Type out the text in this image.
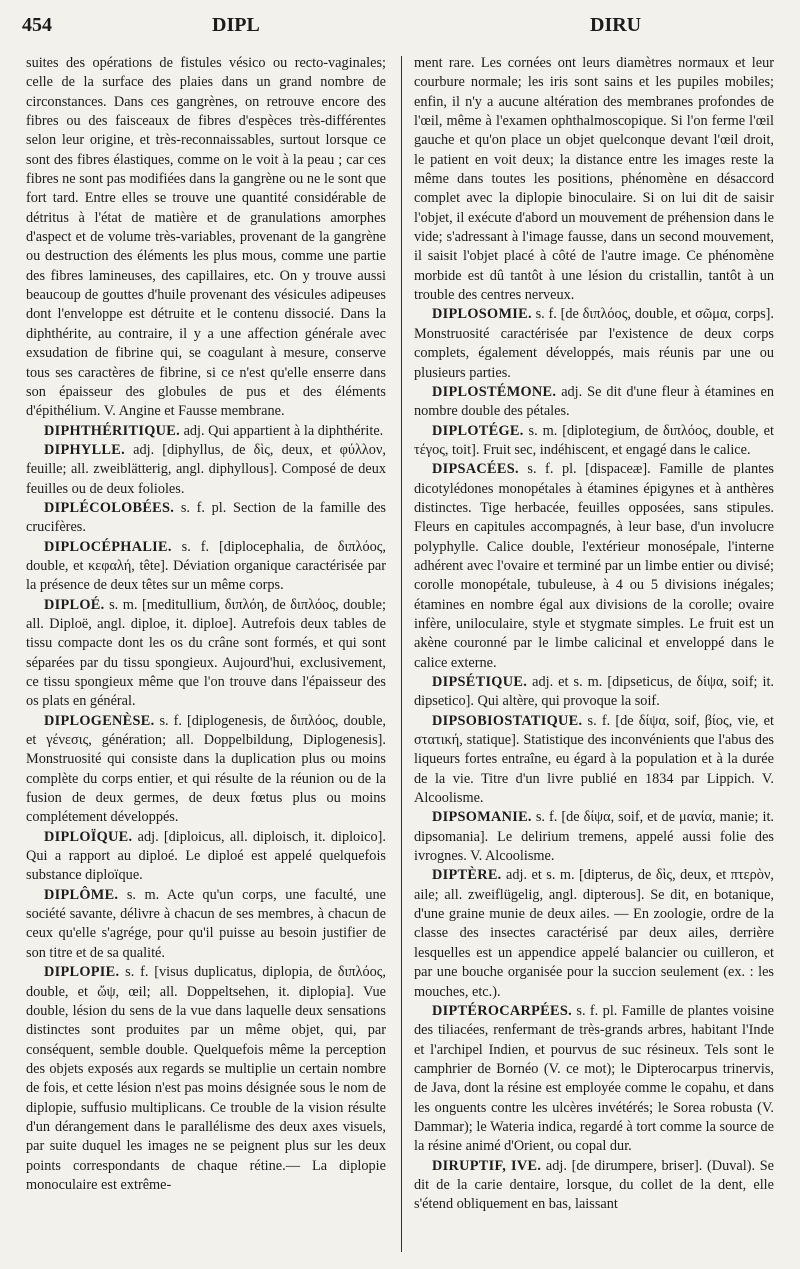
454	DIPL	DIRU

suites des opérations de fistules vésico ou recto-vaginales; celle de la surface des plaies dans un grand nombre de circonstances. Dans ces gangrènes, on retrouve encore des fibres ou des faisceaux de fibres d'espèces très-différentes selon leur origine, et très-reconnaissables, surtout lorsque ce sont des fibres élastiques, comme on le voit à la peau ; car ces fibres ne sont pas modifiées dans la gangrène ou ne le sont que fort tard. Entre elles se trouve une quantité considérable de détritus à l'état de matière et de granulations amorphes d'aspect et de volume très-variables, provenant de la gangrène ou destruction des éléments les plus mous, comme une partie des fibres lamineuses, des capillaires, etc. On y trouve aussi beaucoup de gouttes d'huile provenant des vésicules adipeuses dont l'enveloppe est détruite et le contenu dissocié. Dans la diphthérite, au contraire, il y a une affection générale avec exsudation de fibrine qui, se coagulant à mesure, conserve tous ses caractères de fibrine, si ce n'est qu'elle enserre dans son épaisseur des globules de pus et des éléments d'épithélium. V. Angine et Fausse membrane.

DIPHTHÉRITIQUE. adj. Qui appartient à la diphthérite.

DIPHYLLE. adj. [diphyllus, de δὶς, deux, et φύλλον, feuille; all. zweiblätterig, angl. diphyllous]. Composé de deux feuilles ou de deux folioles.

DIPLÉCOLOBÉES. s. f. pl. Section de la famille des crucifères.

DIPLOCÉPHALIE. s. f. [diplocephalia, de διπλόος, double, et κεφαλή, tête]. Déviation organique caractérisée par la présence de deux têtes sur un même corps.

DIPLOÉ. s. m. [meditullium, διπλόη, de διπλόος, double; all. Diploë, angl. diploe, it. diploe]. Autrefois deux tables de tissu compacte dont les os du crâne sont formés, et qui sont séparées par du tissu spongieux. Aujourd'hui, exclusivement, ce tissu spongieux même que l'on trouve dans l'épaisseur des os plats en général.

DIPLOGENÈSE. s. f. [diplogenesis, de διπλόος, double, et γένεσις, génération; all. Doppelbildung, Diplogenesis]. Monstruosité qui consiste dans la duplication plus ou moins complète du corps entier, et qui résulte de la réunion ou de la fusion de deux germes, de deux fœtus plus ou moins complétement développés.

DIPLOÏQUE. adj. [diploicus, all. diploisch, it. diploico]. Qui a rapport au diploé. Le diploé est appelé quelquefois substance diploïque.

DIPLÔME. s. m. Acte qu'un corps, une faculté, une société savante, délivre à chacun de ses membres, à chacun de ceux qu'elle s'agrége, pour qu'il puisse au besoin justifier de son titre et de sa qualité.

DIPLOPIE. s. f. [visus duplicatus, diplopia, de διπλόος, double, et ὤψ, œil; all. Doppeltsehen, it. diplopia]. Vue double, lésion du sens de la vue dans laquelle deux sensations distinctes sont produites par un même objet, qui, par conséquent, semble double. Quelquefois même la perception des objets exposés aux regards se multiplie un certain nombre de fois, et cette lésion n'est pas moins désignée sous le nom de diplopie, suffusio multiplicans. Ce trouble de la vision résulte d'un dérangement dans le parallélisme des deux axes visuels, par suite duquel les images ne se peignent plus sur les deux points correspondants de chaque rétine.— La diplopie monoculaire est extrême-

ment rare. Les cornées ont leurs diamètres normaux et leur courbure normale; les iris sont sains et les pupiles mobiles; enfin, il n'y a aucune altération des membranes profondes de l'œil, même à l'examen ophthalmoscopique. Si l'on ferme l'œil gauche et qu'on place un objet quelconque devant l'œil droit, le patient en voit deux; la distance entre les images reste la même dans toutes les positions, phénomène en désaccord complet avec la diplopie binoculaire. Si on lui dit de saisir l'objet, il exécute d'abord un mouvement de préhension dans le vide; s'adressant à l'image fausse, dans un second mouvement, il saisit l'objet placé à côté de l'autre image. Ce phénomène morbide est dû tantôt à une lésion du cristallin, tantôt à un trouble des centres nerveux.

DIPLOSOMIE. s. f. [de διπλόος, double, et σῶμα, corps]. Monstruosité caractérisée par l'existence de deux corps complets, également développés, mais réunis par une ou plusieurs parties.

DIPLOSTÉMONE. adj. Se dit d'une fleur à étamines en nombre double des pétales.

DIPLOTÉGE. s. m. [diplotegium, de διπλόος, double, et τέγος, toit]. Fruit sec, indéhiscent, et engagé dans le calice.

DIPSACÉES. s. f. pl. [dispaceæ]. Famille de plantes dicotylédones monopétales à étamines épigynes et à anthères distinctes. Tige herbacée, feuilles opposées, sans stipules. Fleurs en capitules accompagnés, à leur base, d'un involucre polyphylle. Calice double, l'extérieur monosépale, l'interne adhérent avec l'ovaire et terminé par un limbe entier ou divisé; corolle monopétale, tubuleuse, à 4 ou 5 divisions inégales; étamines en nombre égal aux divisions de la corolle; ovaire infère, uniloculaire, style et stygmate simples. Le fruit est un akène couronné par le limbe calicinal et enveloppé dans le calice externe.

DIPSÉTIQUE. adj. et s. m. [dipseticus, de δίψα, soif; it. dipsetico]. Qui altère, qui provoque la soif.

DIPSOBIOSTATIQUE. s. f. [de δίψα, soif, βίος, vie, et στατική, statique]. Statistique des inconvénients que l'abus des liqueurs fortes entraîne, eu égard à la population et à la durée de la vie. Titre d'un livre publié en 1834 par Lippich. V. Alcoolisme.

DIPSOMANIE. s. f. [de δίψα, soif, et de μανία, manie; it. dipsomania]. Le delirium tremens, appelé aussi folie des ivrognes. V. Alcoolisme.

DIPTÈRE. adj. et s. m. [dipterus, de δὶς, deux, et πτερὸν, aile; all. zweiflügelig, angl. dipterous]. Se dit, en botanique, d'une graine munie de deux ailes. — En zoologie, ordre de la classe des insectes caractérisé par deux ailes, derrière lesquelles est un appendice appelé balancier ou cuilleron, et par une bouche organisée pour la succion seulement (ex. : les mouches, etc.).

DIPTÉROCARPÉES. s. f. pl. Famille de plantes voisine des tiliacées, renfermant de très-grands arbres, habitant l'Inde et l'archipel Indien, et pourvus de suc résineux. Tels sont le camphrier de Bornéo (V. ce mot); le Dipterocarpus trinervis, de Java, dont la résine est employée comme le copahu, et dans les onguents contre les ulcères invétérés; le Sorea robusta (V. Dammar); le Wateria indica, regardé à tort comme la source de la résine animé d'Orient, ou copal dur.

DIRUPTIF, IVE. adj. [de dirumpere, briser]. (Duval). Se dit de la carie dentaire, lorsque, du collet de la dent, elle s'étend obliquement en bas, laissant
